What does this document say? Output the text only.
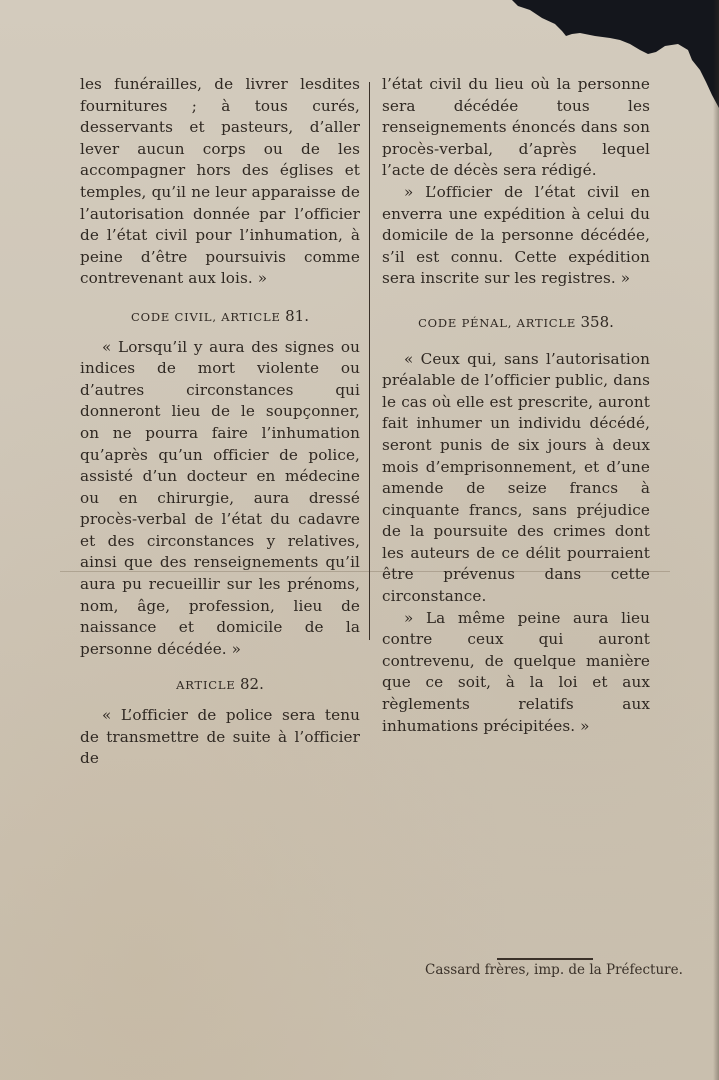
les funérailles, de livrer lesdites fournitures ; à tous curés, desservants et pasteurs, d’aller lever aucun corps ou de les accompagner hors des églises et temples, qu’il ne leur apparaisse de l’autorisation donnée par l’officier de l’état civil pour l’inhumation, à peine d’être poursuivis comme contrevenant aux lois. »

CODE CIVIL, ARTICLE 81.

« Lorsqu’il y aura des signes ou indices de mort violente ou d’autres circonstances qui donneront lieu de le soupçonner, on ne pourra faire l’inhumation qu’après qu’un officier de police, assisté d’un docteur en médecine ou en chirurgie, aura dressé procès-verbal de l’état du cadavre et des circonstances y relatives, ainsi que des renseignements qu’il aura pu recueillir sur les prénoms, nom, âge, profession, lieu de naissance et domicile de la personne décédée. »

ARTICLE 82.

« L’officier de police sera tenu de transmettre de suite à l’officier de

l’état civil du lieu où la personne sera décédée tous les renseignements énoncés dans son procès-verbal, d’après lequel l’acte de décès sera rédigé.

» L’officier de l’état civil en enverra une expédition à celui du domicile de la personne décédée, s’il est connu. Cette expédition sera inscrite sur les registres. »

CODE PÉNAL, ARTICLE 358.

« Ceux qui, sans l’autorisation préalable de l’officier public, dans le cas où elle est prescrite, auront fait inhumer un individu décédé, seront punis de six jours à deux mois d’emprisonnement, et d’une amende de seize francs à cinquante francs, sans préjudice de la poursuite des crimes dont les auteurs de ce délit pourraient être prévenus dans cette circonstance.

» La même peine aura lieu contre ceux qui auront contrevenu, de quelque manière que ce soit, à la loi et aux règlements relatifs aux inhumations précipitées. »

Cassard frères, imp. de la Préfecture.
